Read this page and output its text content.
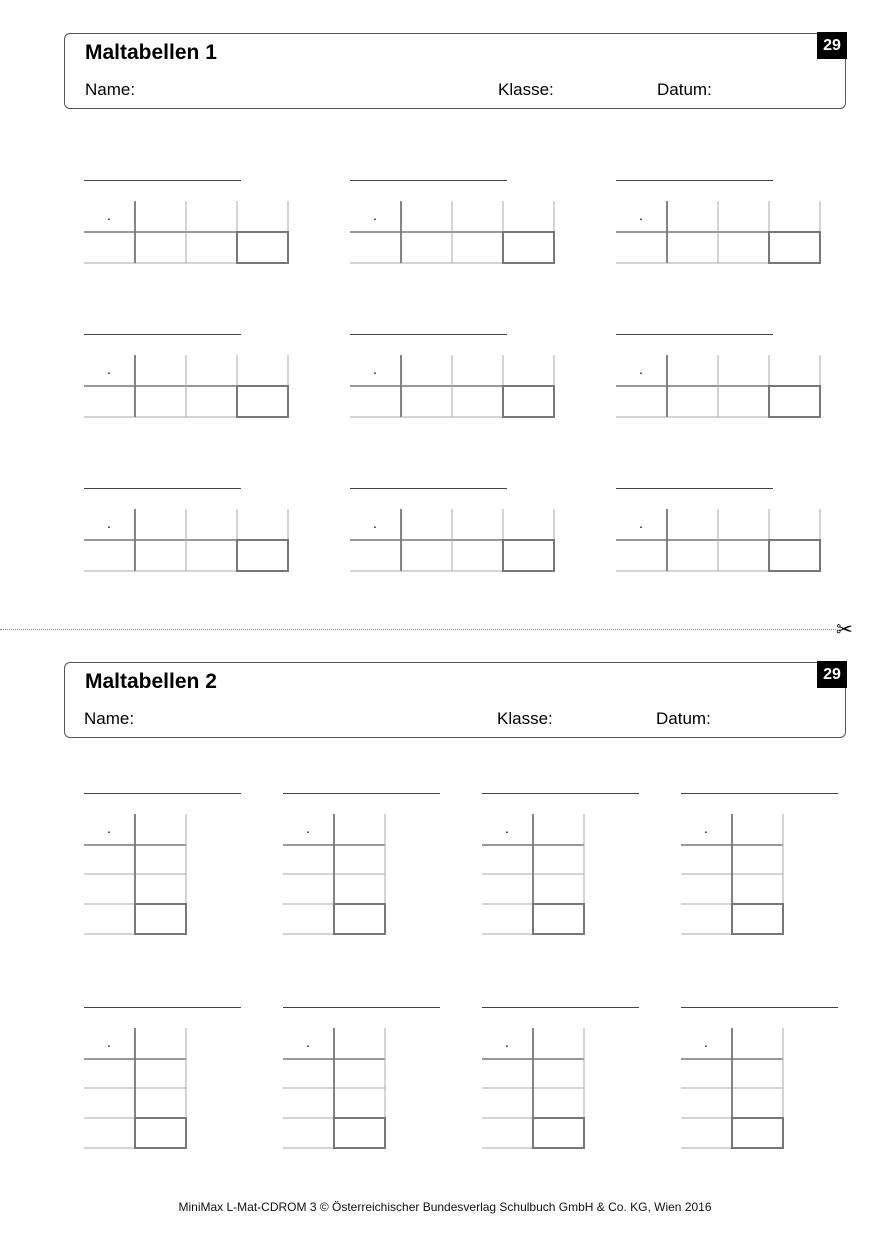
Maltabellen 1
Name:	Klasse:	Datum:
29
·	·	·
·	·	·
·	·	·
✂
Maltabellen 2
Name:	Klasse:	Datum:
29
·	·	·	·
·	·	·	·
MiniMax L-Mat-CDROM 3 © Österreichischer Bundesverlag Schulbuch GmbH & Co. KG, Wien 2016
